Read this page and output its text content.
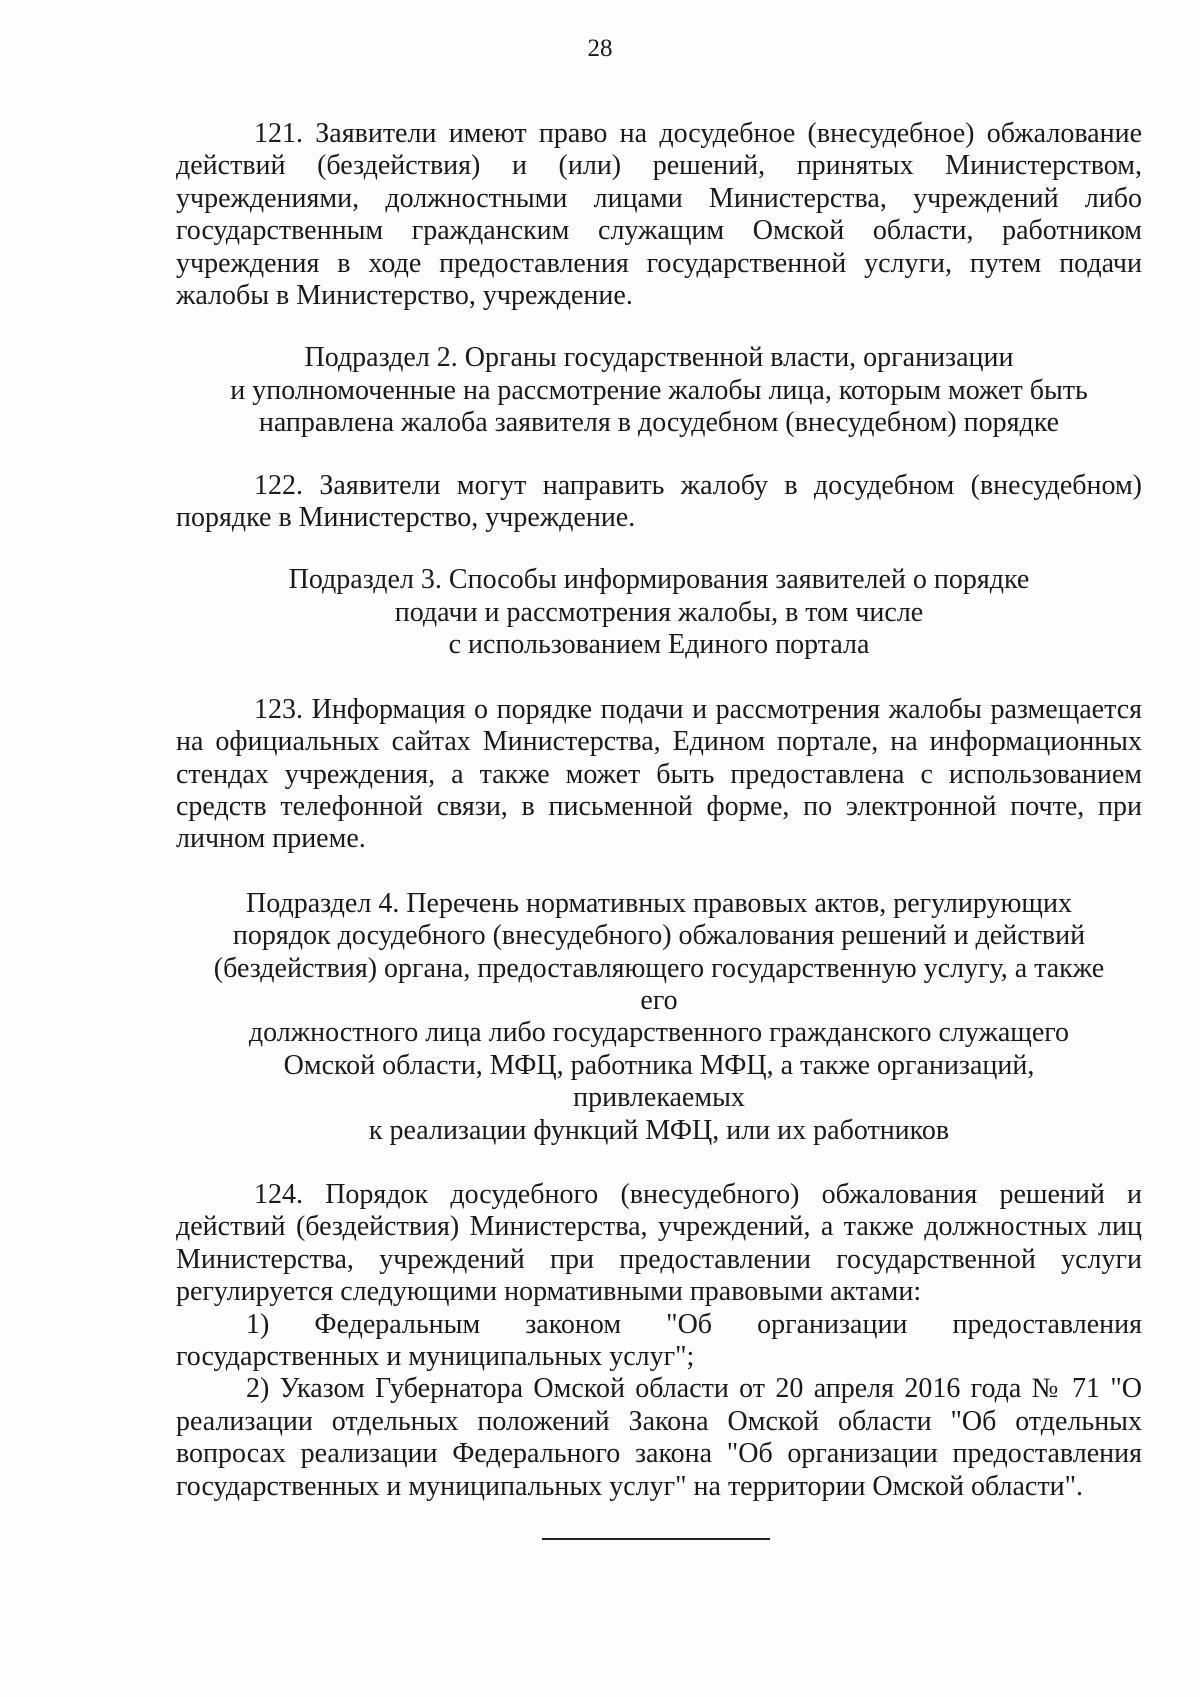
28

121. Заявители имеют право на досудебное (внесудебное) обжалование действий (бездействия) и (или) решений, принятых Министерством, учреждениями, должностными лицами Министерства, учреждений либо государственным гражданским служащим Омской области, работником учреждения в ходе предоставления государственной услуги, путем подачи жалобы в Министерство, учреждение.

Подраздел 2. Органы государственной власти, организации
и уполномоченные на рассмотрение жалобы лица, которым может быть
направлена жалоба заявителя в досудебном (внесудебном) порядке

122. Заявители могут направить жалобу в досудебном (внесудебном) порядке в Министерство, учреждение.

Подраздел 3. Способы информирования заявителей о порядке
подачи и рассмотрения жалобы, в том числе
с использованием Единого портала

123. Информация о порядке подачи и рассмотрения жалобы размещается на официальных сайтах Министерства, Едином портале, на информационных стендах учреждения, а также может быть предоставлена с использованием средств телефонной связи, в письменной форме, по электронной почте, при личном приеме.

Подраздел 4. Перечень нормативных правовых актов, регулирующих
порядок досудебного (внесудебного) обжалования решений и действий
(бездействия) органа, предоставляющего государственную услугу, а также его
должностного лица либо государственного гражданского служащего
Омской области, МФЦ, работника МФЦ, а также организаций, привлекаемых
к реализации функций МФЦ, или их работников

124. Порядок досудебного (внесудебного) обжалования решений и действий (бездействия) Министерства, учреждений, а также должностных лиц Министерства, учреждений при предоставлении государственной услуги регулируется следующими нормативными правовыми актами:

1) Федеральным законом "Об организации предоставления государственных и муниципальных услуг";

2) Указом Губернатора Омской области от 20 апреля 2016 года № 71 "О реализации отдельных положений Закона Омской области "Об отдельных вопросах реализации Федерального закона "Об организации предоставления государственных и муниципальных услуг" на территории Омской области".
